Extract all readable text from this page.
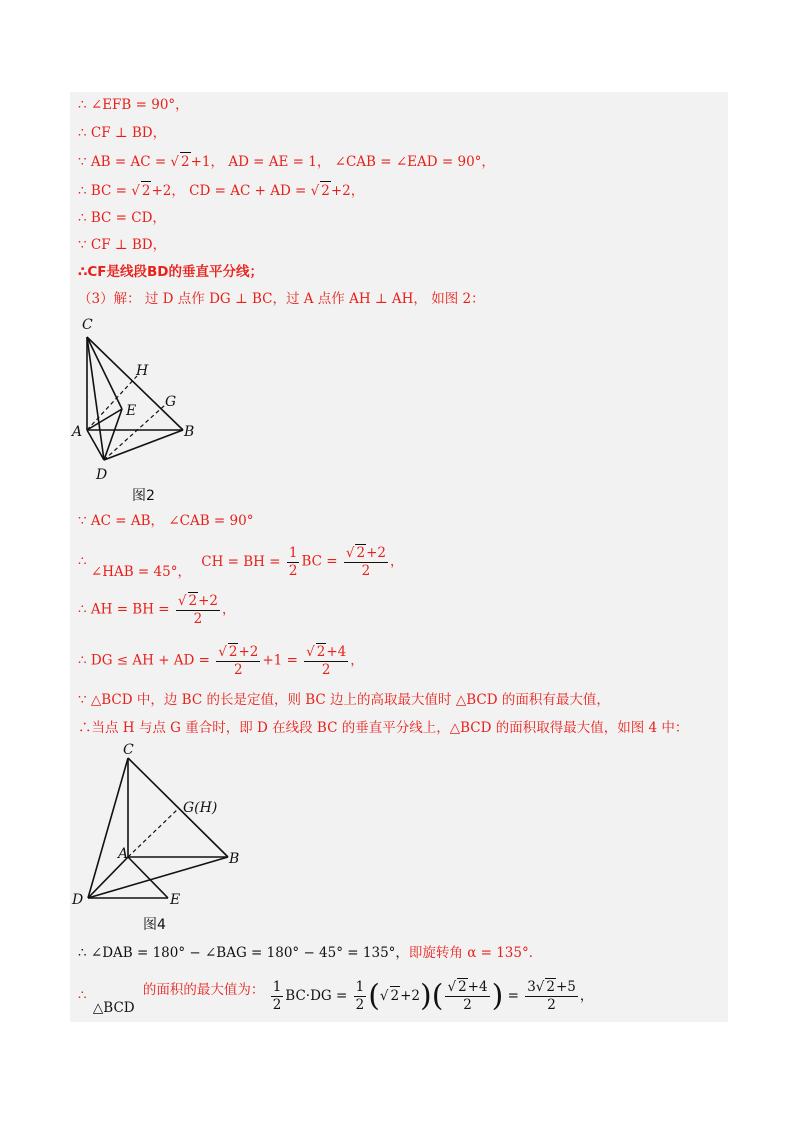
∴ ∠EFB = 90°，
∴ CF ⊥ BD，
∵ AB = AC = √ 2+1， AD = AE = 1， ∠CAB = ∠EAD = 90°，
∴ BC = √ 2+2， CD = AC + AD = √ 2+2，
∴ BC = CD，
∵ CF ⊥ BD，
∴CF是线段BD的垂直平分线；
（3）解： 过 D 点作 DG ⊥ BC，过 A 点作 AH ⊥ AH， 如图 2：
C
H
E
G
A	B
D
图2
∵ AC = AB， ∠CAB = 90°
∴ ∠HAB = 45°， CH = BH = $\frac{1}{2}$ BC = $\frac{√ 2+2}{2}$ ，
∴ AH = BH = $\frac{√ 2+2}{2}$ ，
∴ DG ≤ AH + AD = $\frac{√ 2+2}{2} +1 = \frac{√ 2+4}{2}$ ，
∵ △BCD 中，边 BC 的长是定值，则 BC 边上的高取最大值时 △BCD 的面积有最大值，
∴当点 H 与点 G 重合时，即 D 在线段 BC 的垂直平分线上，△BCD 的面积取得最大值，如图 4 中：
C
G(H)
A	B
D	E
图4
∴ ∠DAB = 180° − ∠BAG = 180° − 45° = 135°，即旋转角 α = 135°．
∴ △BCD 的面积的最大值为： $\frac{1}{2} BC\cdot DG = \frac{1}{2}$ (√ $2+2)( \frac{√ 2+4}{2}$ ) = $\frac{3√ 2+5}{2}$ ，
